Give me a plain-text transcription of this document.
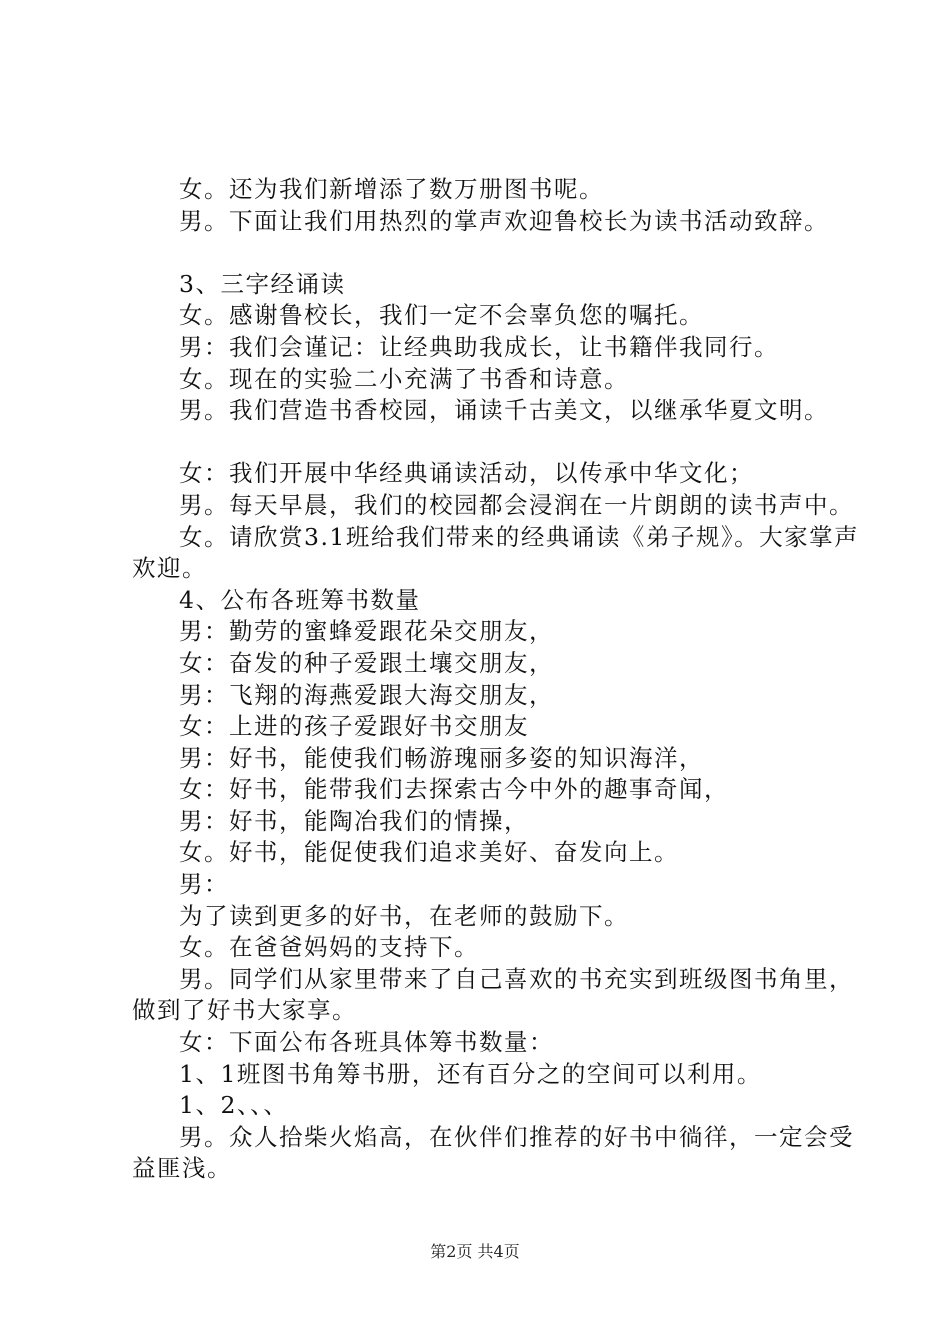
女。还为我们新增添了数万册图书呢。

男。下面让我们用热烈的掌声欢迎鲁校长为读书活动致辞。

3、三字经诵读

女。感谢鲁校长，我们一定不会辜负您的嘱托。

男：我们会谨记：让经典助我成长，让书籍伴我同行。

女。现在的实验二小充满了书香和诗意。

男。我们营造书香校园，诵读千古美文，以继承华夏文明。

女：我们开展中华经典诵读活动，以传承中华文化；

男。每天早晨，我们的校园都会浸润在一片朗朗的读书声中。

女。请欣赏3.1班给我们带来的经典诵读《弟子规》。大家掌声欢迎。

4、公布各班筹书数量

男：勤劳的蜜蜂爱跟花朵交朋友，

女：奋发的种子爱跟土壤交朋友，

男：飞翔的海燕爱跟大海交朋友，

女：上进的孩子爱跟好书交朋友

男：好书，能使我们畅游瑰丽多姿的知识海洋，

女：好书，能带我们去探索古今中外的趣事奇闻，

男：好书，能陶冶我们的情操，

女。好书，能促使我们追求美好、奋发向上。

男：

为了读到更多的好书，在老师的鼓励下。

女。在爸爸妈妈的支持下。

男。同学们从家里带来了自己喜欢的书充实到班级图书角里，做到了好书大家享。

女：下面公布各班具体筹书数量：

1、1班图书角筹书册，还有百分之的空间可以利用。

1、2、、、

男。众人拾柴火焰高，在伙伴们推荐的好书中徜徉，一定会受益匪浅。

第2页 共4页
